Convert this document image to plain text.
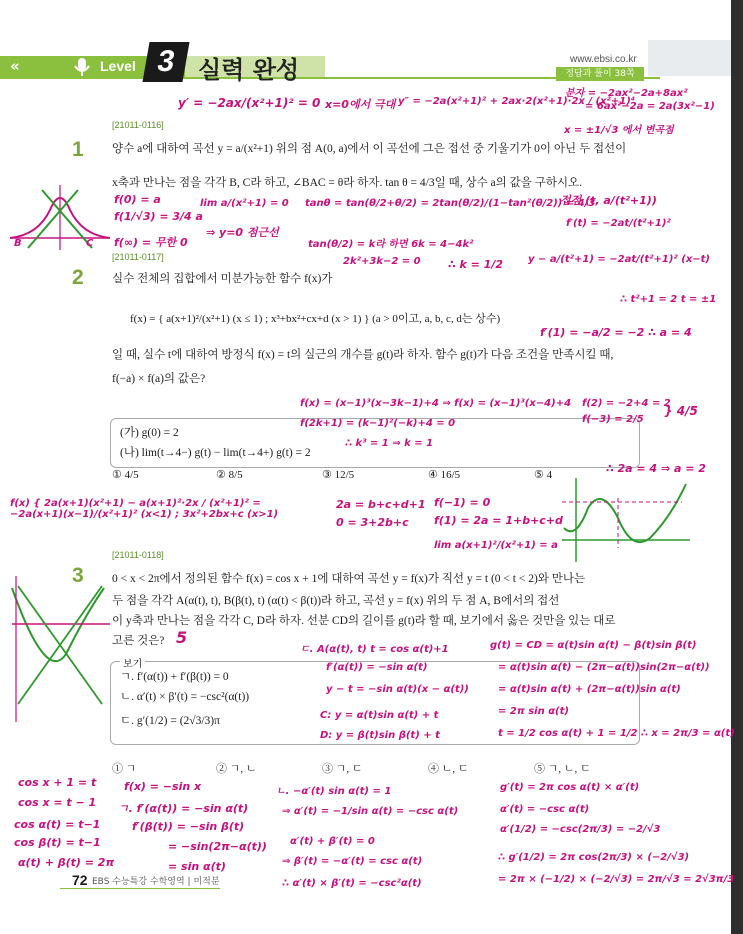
«	Level 3 실력 완성	www.ebsi.co.kr
정답과 풀이 38쪽
[21011-0116]
1 양수 a에 대하여 곡선 y = a/(x²+1) 위의 점 A(0, a)에서 이 곡선에 그은 접선 중 기울기가 0이 아닌 두 접선이
x축과 만나는 점을 각각 B, C라 하고, ∠BAC = θ라 하자. tan θ = 4/3일 때, 상수 a의 값을 구하시오.
y′ = −2ax/(x²+1)² = 0 x=0에서 극대 y″ = −2a(x²+1)² + 2ax·2(x²+1)·2x / (x²+1)⁴
분자 = −2ax²−2a+8ax²
= 6ax²−2a = 2a(3x²−1)
x = ±1/√3 에서 변곡점
f(0) = a
f(1/√3) = 3/4 a
f(∞) = 무한 0
B	C
lim a/(x²+1) = 0
⇒ y=0 점근선
tanθ = tan(θ/2+θ/2) = 2tan(θ/2)/(1−tan²(θ/2)) = 4/3
tan(θ/2) = k라 하면 6k = 4−4k²
2k²+3k−2 = 0 ∴ k = 1/2
접점 (t, a/(t²+1))
f′(t) = −2at/(t²+1)²
y − a/(t²+1) = −2at/(t²+1)² (x−t)
∴ t²+1 = 2 t = ±1
f′(1) = −a/2 = −2 ∴ a = 4
[21011-0117]
2 실수 전체의 집합에서 미분가능한 함수 f(x)가
f(x) = { a(x+1)²/(x²+1) (x ≤ 1) ; x³+bx²+cx+d (x > 1) } (a > 0이고, a, b, c, d는 상수)
일 때, 실수 t에 대하여 방정식 f(x) = t의 실근의 개수를 g(t)라 하자. 함수 g(t)가 다음 조건을 만족시킬 때,
f(−a) × f(a)의 값은?
(가) g(0) = 2
(나) lim(t→4−) g(t) − lim(t→4+) g(t) = 2
f(x) = (x−1)³(x−3k−1)+4 ⇒ f(x) = (x−1)³(x−4)+4
f(2k+1) = (k−1)²(−k)+4 = 0
∴ k³ = 1 ⇒ k = 1
f(2) = −2+4 = 2
f(−3) = 2/5
} 4/5
∴ 2a = 4 ⇒ a = 2
① 4/5	② 8/5	③ 12/5	④ 16/5	⑤ 4
f(x) { 2a(x+1)(x²+1) − a(x+1)²·2x / (x²+1)² = −2a(x+1)(x−1)/(x²+1)² (x<1) ; 3x²+2bx+c (x>1)
2a = b+c+d+1
0 = 3+2b+c
f(−1) = 0
f(1) = 2a = 1+b+c+d
lim a(x+1)²/(x²+1) = a
[21011-0118]
3 0 < x < 2π에서 정의된 함수 f(x) = cos x + 1에 대하여 곡선 y = f(x)가 직선 y = t (0 < t < 2)와 만나는
두 점을 각각 A(α(t), t), B(β(t), t) (α(t) < β(t))라 하고, 곡선 y = f(x) 위의 두 점 A, B에서의 접선
이 y축과 만나는 점을 각각 C, D라 하자. 선분 CD의 길이를 g(t)라 할 때, 보기에서 옳은 것만을 있는 대로
고른 것은? 5
보기
ㄱ. f′(α(t)) + f′(β(t)) = 0
ㄴ. α′(t) × β′(t) = −csc²(α(t))
ㄷ. g′(1/2) = (2√3/3)π
ㄷ. A(α(t), t) t = cos α(t)+1	g(t) = CD = α(t)sin α(t) − β(t)sin β(t)
f′(α(t)) = −sin α(t)
y − t = −sin α(t)(x − α(t))
C: y = α(t)sin α(t) + t
D: y = β(t)sin β(t) + t
= α(t)sin α(t) − (2π−α(t))sin(2π−α(t))
= α(t)sin α(t) + (2π−α(t))sin α(t)
= 2π sin α(t)
t = 1/2 cos α(t) + 1 = 1/2 ∴ x = 2π/3 = α(t)
① ㄱ	② ㄱ, ㄴ	③ ㄱ, ㄷ	④ ㄴ, ㄷ	⑤ ㄱ, ㄴ, ㄷ
cos x + 1 = t
cos x = t − 1
cos α(t) = t−1
cos β(t) = t−1
α(t) + β(t) = 2π
f(x) = −sin x
ㄱ. f′(α(t)) = −sin α(t)
f′(β(t)) = −sin β(t)
= −sin(2π−α(t))
= sin α(t)
ㄴ. −α′(t) sin α(t) = 1
⇒ α′(t) = −1/sin α(t) = −csc α(t)
α′(t) + β′(t) = 0
⇒ β′(t) = −α′(t) = csc α(t)
∴ α′(t) × β′(t) = −csc²α(t)
g′(t) = 2π cos α(t) × α′(t)
α′(t) = −csc α(t)
α′(1/2) = −csc(2π/3) = −2/√3
∴ g′(1/2) = 2π cos(2π/3) × (−2/√3)
= 2π × (−1/2) × (−2/√3) = 2π/√3 = 2√3π/3
72 EBS 수능특강 수학영역 | 미적분
